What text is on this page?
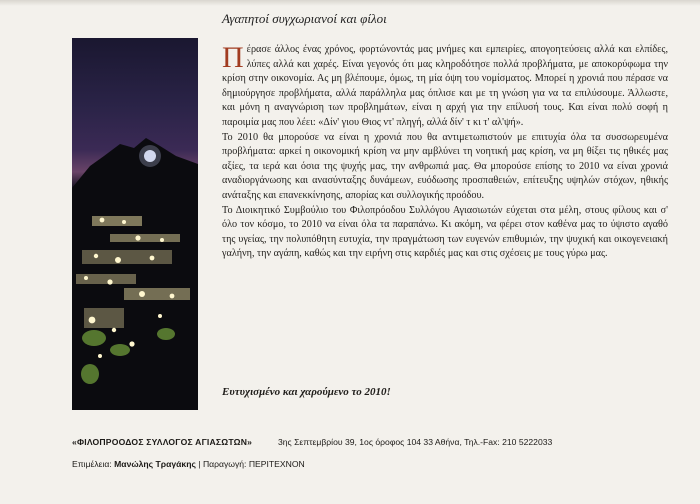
Αγαπητοί συγχωριανοί και φίλοι

Πέρασε άλλος ένας χρόνος, φορτώνοντάς μας μνήμες και εμπειρίες, απογοητεύσεις αλλά και ελπίδες, λύπες αλλά και χαρές. Είναι γεγονός ότι μας κληροδότησε πολλά προβλήματα, με αποκορύφωμα την κρίση στην οικονομία. Ας μη βλέπουμε, όμως, τη μία όψη του νομίσματος. Μπορεί η χρονιά που πέρασε να δημιούργησε προβλήματα, αλλά παράλληλα μας όπλισε και με τη γνώση για να τα επιλύσουμε. Άλλωστε, και μόνη η αναγνώριση των προβλημάτων, είναι η αρχή για την επίλυσή τους. Και είναι πολύ σοφή η παροιμία μας που λέει: «Δίν' γιου Θιος ντ' πληγή, αλλά δίν' τ κι τ' αλ'ψή».

Το 2010 θα μπορούσε να είναι η χρονιά που θα αντιμετωπιστούν με επιτυχία όλα τα συσσωρευμένα προβλήματα: αρκεί η οικονομική κρίση να μην αμβλύνει τη νοητική μας κρίση, να μη θίξει τις ηθικές μας αξίες, τα ιερά και όσια της ψυχής μας, την ανθρωπιά μας. Θα μπορούσε επίσης το 2010 να είναι χρονιά αναδιοργάνωσης και ανασύνταξης δυνάμεων, ευόδωσης προσπαθειών, επίτευξης υψηλών στόχων, ηθικής ανάταξης και επανεκκίνησης, απορίας και συλλογικής προόδου.

Το Διοικητικό Συμβούλιο του Φιλοπρόοδου Συλλόγου Αγιασιωτών εύχεται στα μέλη, στους φίλους και σ' όλο τον κόσμο, το 2010 να είναι όλα τα παραπάνω. Κι ακόμη, να φέρει στον καθένα μας το ύψιστο αγαθό της υγείας, την πολυπόθητη ευτυχία, την πραγμάτωση των ευγενών επιθυμιών, την ψυχική και οικογενειακή γαλήνη, την αγάπη, καθώς και την ειρήνη στις καρδιές μας και στις σχέσεις με τους γύρω μας.

Ευτυχισμένο και χαρούμενο το 2010!
«ΦΙΛΟΠΡΟΟΔΟΣ ΣΥΛΛΟΓΟΣ ΑΓΙΑΣΩΤΩΝ»	3ης Σεπτεμβρίου 39, 1ος όροφος 104 33 Αθήνα, Τηλ.-Fax: 210 5222033
Επιμέλεια: Μανώλης Τραγάκης | Παραγωγή: ΠΕΡΙΤΕΧΝΟΝ
